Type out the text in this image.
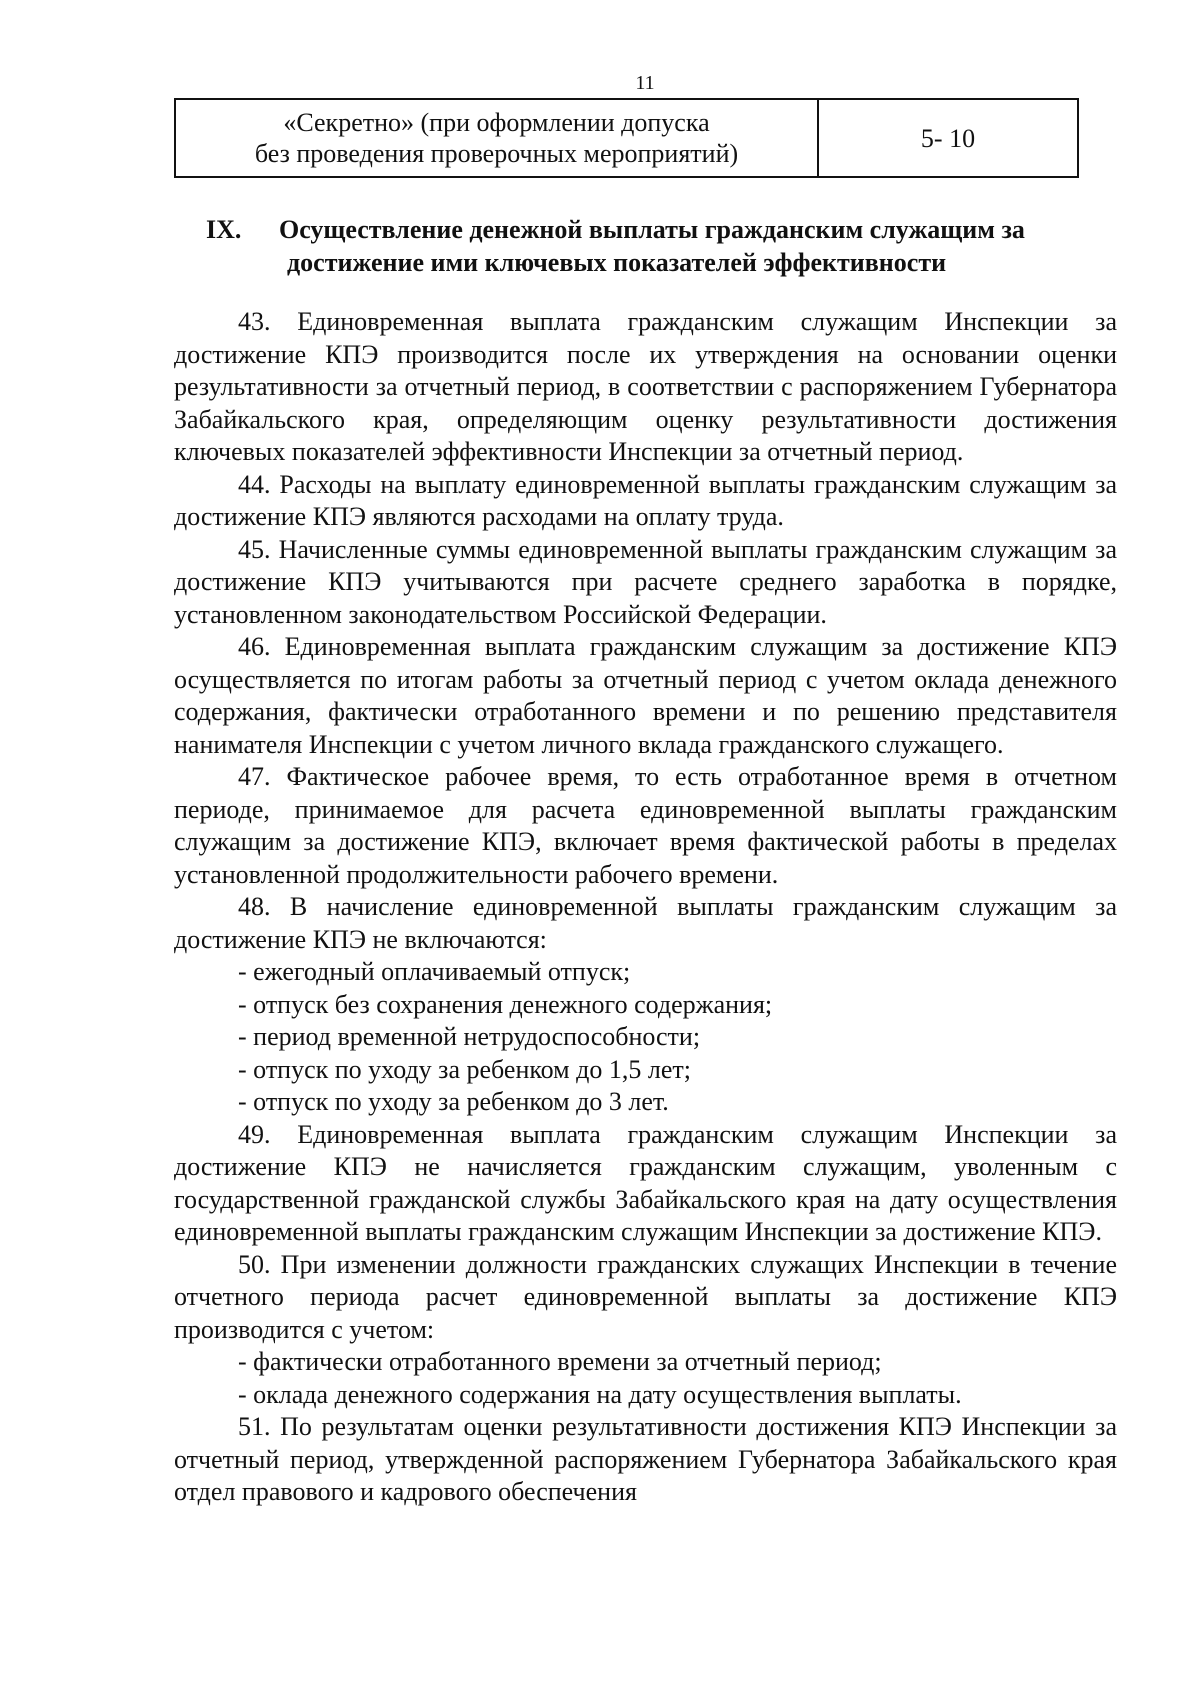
11
«Секретно» (при оформлении допуска
без проведения проверочных мероприятий)
	5- 10
IX. Осуществление денежной выплаты гражданским служащим за
достижение ими ключевых показателей эффективности

43. Единовременная выплата гражданским служащим Инспекции за достижение КПЭ производится после их утверждения на основании оценки результативности за отчетный период, в соответствии с распоряжением Губернатора Забайкальского края, определяющим оценку результативности достижения ключевых показателей эффективности Инспекции за отчетный период.

44. Расходы на выплату единовременной выплаты гражданским служащим за достижение КПЭ являются расходами на оплату труда.

45. Начисленные суммы единовременной выплаты гражданским служащим за достижение КПЭ учитываются при расчете среднего заработка в порядке, установленном законодательством Российской Федерации.

46. Единовременная выплата гражданским служащим за достижение КПЭ осуществляется по итогам работы за отчетный период с учетом оклада денежного содержания, фактически отработанного времени и по решению представителя нанимателя Инспекции с учетом личного вклада гражданского служащего.

47. Фактическое рабочее время, то есть отработанное время в отчетном периоде, принимаемое для расчета единовременной выплаты гражданским служащим за достижение КПЭ, включает время фактической работы в пределах установленной продолжительности рабочего времени.

48. В начисление единовременной выплаты гражданским служащим за достижение КПЭ не включаются:

- ежегодный оплачиваемый отпуск;

- отпуск без сохранения денежного содержания;

- период временной нетрудоспособности;

- отпуск по уходу за ребенком до 1,5 лет;

- отпуск по уходу за ребенком до 3 лет.

49. Единовременная выплата гражданским служащим Инспекции за достижение КПЭ не начисляется гражданским служащим, уволенным с государственной гражданской службы Забайкальского края на дату осуществления единовременной выплаты гражданским служащим Инспекции за достижение КПЭ.

50. При изменении должности гражданских служащих Инспекции в течение отчетного периода расчет единовременной выплаты за достижение КПЭ производится с учетом:

- фактически отработанного времени за отчетный период;

- оклада денежного содержания на дату осуществления выплаты.

51. По результатам оценки результативности достижения КПЭ Инспекции за отчетный период, утвержденной распоряжением Губернатора Забайкальского края отдел правового и кадрового обеспечения
